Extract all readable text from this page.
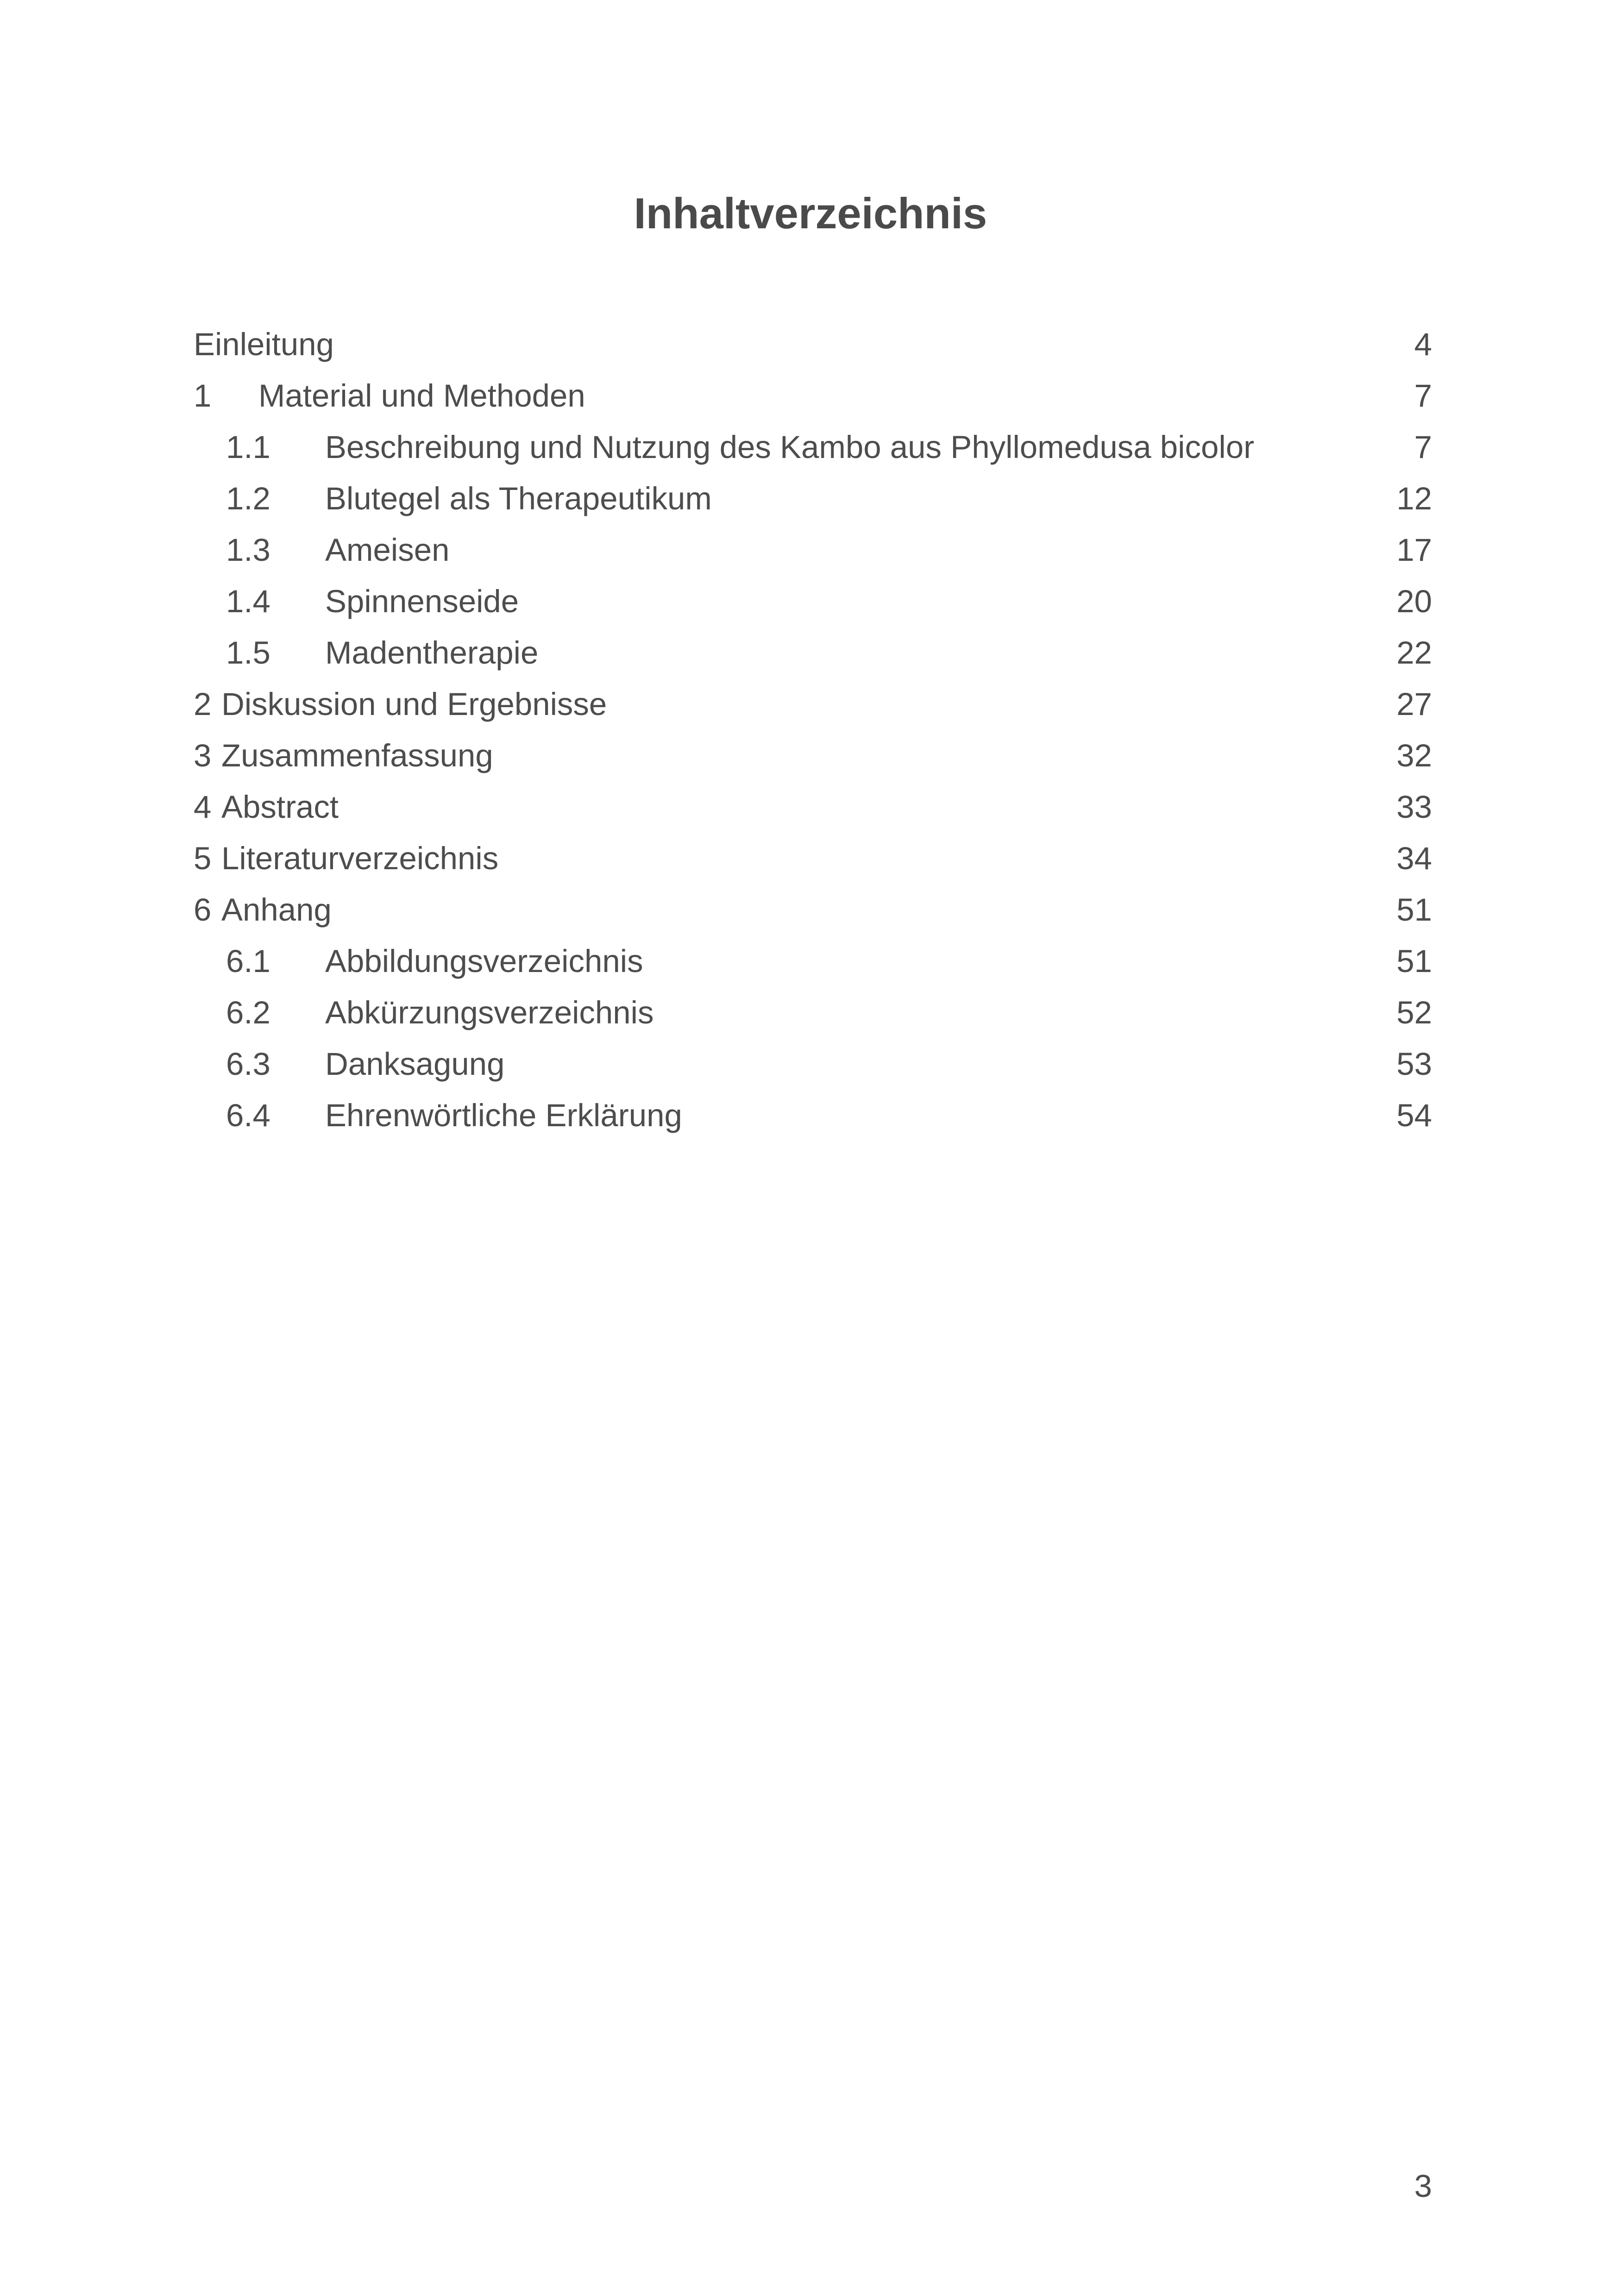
Inhaltverzeichnis
Einleitung	4
1 Material und Methoden	7
1.1 Beschreibung und Nutzung des Kambo aus Phyllomedusa bicolor	7
1.2 Blutegel als Therapeutikum	12
1.3 Ameisen	17
1.4 Spinnenseide	20
1.5 Madentherapie	22
2 Diskussion und Ergebnisse	27
3 Zusammenfassung	32
4 Abstract	33
5 Literaturverzeichnis	34
6 Anhang	51
6.1 Abbildungsverzeichnis	51
6.2 Abkürzungsverzeichnis	52
6.3 Danksagung	53
6.4 Ehrenwörtliche Erklärung	54
3
